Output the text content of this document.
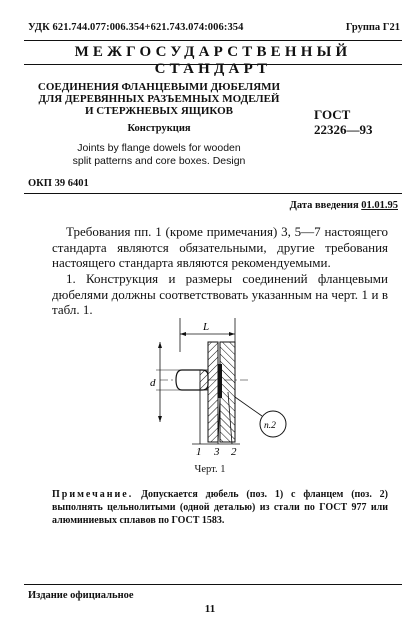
УДК 621.744.077:006.354+621.743.074:006:354	Группа Г21
МЕЖГОСУДАРСТВЕННЫЙ СТАНДАРТ
СОЕДИНЕНИЯ ФЛАНЦЕВЫМИ ДЮБЕЛЯМИ
ДЛЯ ДЕРЕВЯННЫХ РАЗЪЕМНЫХ МОДЕЛЕЙ
И СТЕРЖНЕВЫХ ЯЩИКОВ	ГОСТ
22326—93
Конструкция
Joints by flange dowels for wooden
split patterns and core boxes. Design
ОКП 39 6401
Дата введения 01.01.95
Требования пп. 1 (кроме примечания) 3, 5—7 настоящего стандарта являются обязательными, другие требования настоящего стандарта являются рекомендуемыми.
1. Конструкция и размеры соединений фланцевыми дюбелями должны соответствовать указанным на черт. 1 и в табл. 1.
L
d
п.2
1 3 2
Черт. 1
Примечание. Допускается дюбель (поз. 1) с фланцем (поз. 2) выполнять цельнолитыми (одной деталью) из стали по ГОСТ 977 или алюминиевых сплавов по ГОСТ 1583.
Издание официальное
11
